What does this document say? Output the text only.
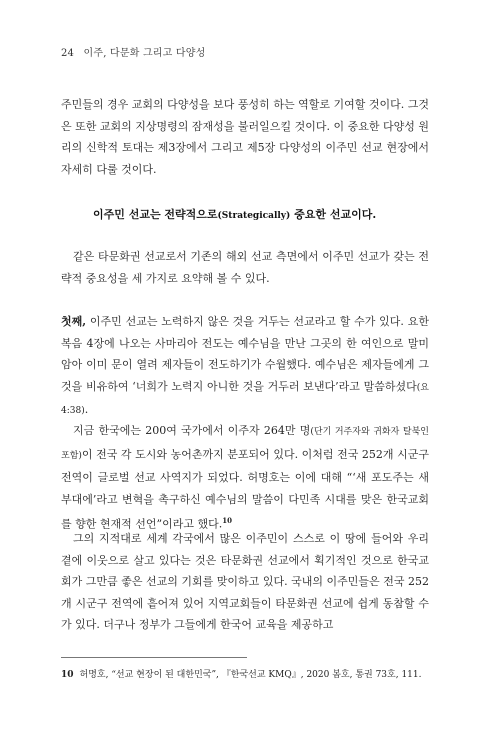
24 이주, 다문화 그리고 다양성
주민들의 경우 교회의 다양성을 보다 풍성히 하는 역할로 기여할 것이다. 그것은 또한 교회의 지상명령의 잠재성을 불러일으킬 것이다. 이 중요한 다양성 원리의 신학적 토대는 제3장에서 그리고 제5장 다양성의 이주민 선교 현장에서 자세히 다룰 것이다.
이주민 선교는 전략적으로(Strategically) 중요한 선교이다.
같은 타문화권 선교로서 기존의 해외 선교 측면에서 이주민 선교가 갖는 전략적 중요성을 세 가지로 요약해 볼 수 있다.
첫째, 이주민 선교는 노력하지 않은 것을 거두는 선교라고 할 수가 있다. 요한복음 4장에 나오는 사마리아 전도는 예수님을 만난 그곳의 한 여인으로 말미암아 이미 문이 열려 제자들이 전도하기가 수월했다. 예수님은 제자들에게 그것을 비유하여 ‘너희가 노력지 아니한 것을 거두러 보낸다’라고 말씀하셨다(요 4:38).
지금 한국에는 200여 국가에서 이주자 264만 명(단기 거주자와 귀화자 탈북인 포함)이 전국 각 도시와 농어촌까지 분포되어 있다. 이처럼 전국 252개 시군구 전역이 글로벌 선교 사역지가 되었다. 허명호는 이에 대해 “‘새 포도주는 새 부대에’라고 변혁을 촉구하신 예수님의 말씀이 다민족 시대를 맞은 한국교회를 향한 현재적 선언”이라고 했다.$^{10}$
그의 지적대로 세계 각국에서 많은 이주민이 스스로 이 땅에 들어와 우리 곁에 이웃으로 살고 있다는 것은 타문화권 선교에서 획기적인 것으로 한국교회가 그만큼 좋은 선교의 기회를 맞이하고 있다. 국내의 이주민들은 전국 252개 시군구 전역에 흩어져 있어 지역교회들이 타문화권 선교에 쉽게 동참할 수가 있다. 더구나 정부가 그들에게 한국어 교육을 제공하고
10 허명호, “선교 현장이 된 대한민국”, 『한국선교 KMQ』, 2020 봄호, 통권 73호, 111.
